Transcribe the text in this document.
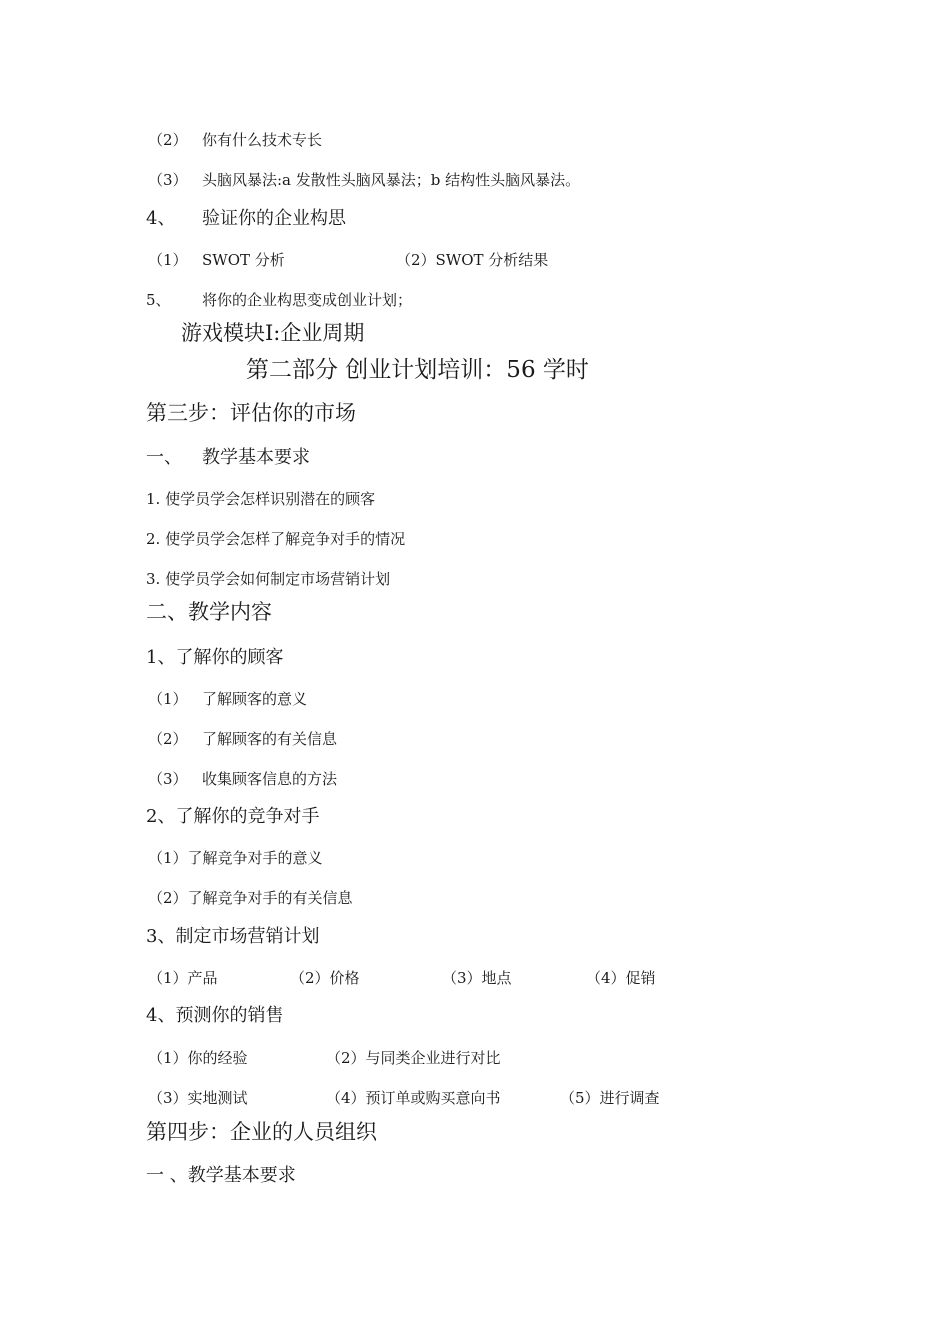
（2） 你有什么技术专长
（3） 头脑风暴法:a 发散性头脑风暴法；b 结构性头脑风暴法。
4、 验证你的企业构思
（1） SWOT 分析	（2）SWOT 分析结果
5、 将你的企业构思变成创业计划；
游戏模块Ⅰ:企业周期
第二部分 创业计划培训：56 学时
第三步：评估你的市场
一、 教学基本要求
1. 使学员学会怎样识别潜在的顾客
2. 使学员学会怎样了解竞争对手的情况
3. 使学员学会如何制定市场营销计划
二、教学内容
1、了解你的顾客
（1） 了解顾客的意义
（2） 了解顾客的有关信息
（3） 收集顾客信息的方法
2、了解你的竞争对手
（1）了解竞争对手的意义
（2）了解竞争对手的有关信息
3、制定市场营销计划
（1）产品	（2）价格	（3）地点	（4）促销
4、预测你的销售
（1）你的经验	（2）与同类企业进行对比
（3）实地测试	（4）预订单或购买意向书	（5）进行调查
第四步：企业的人员组织
一 、教学基本要求
